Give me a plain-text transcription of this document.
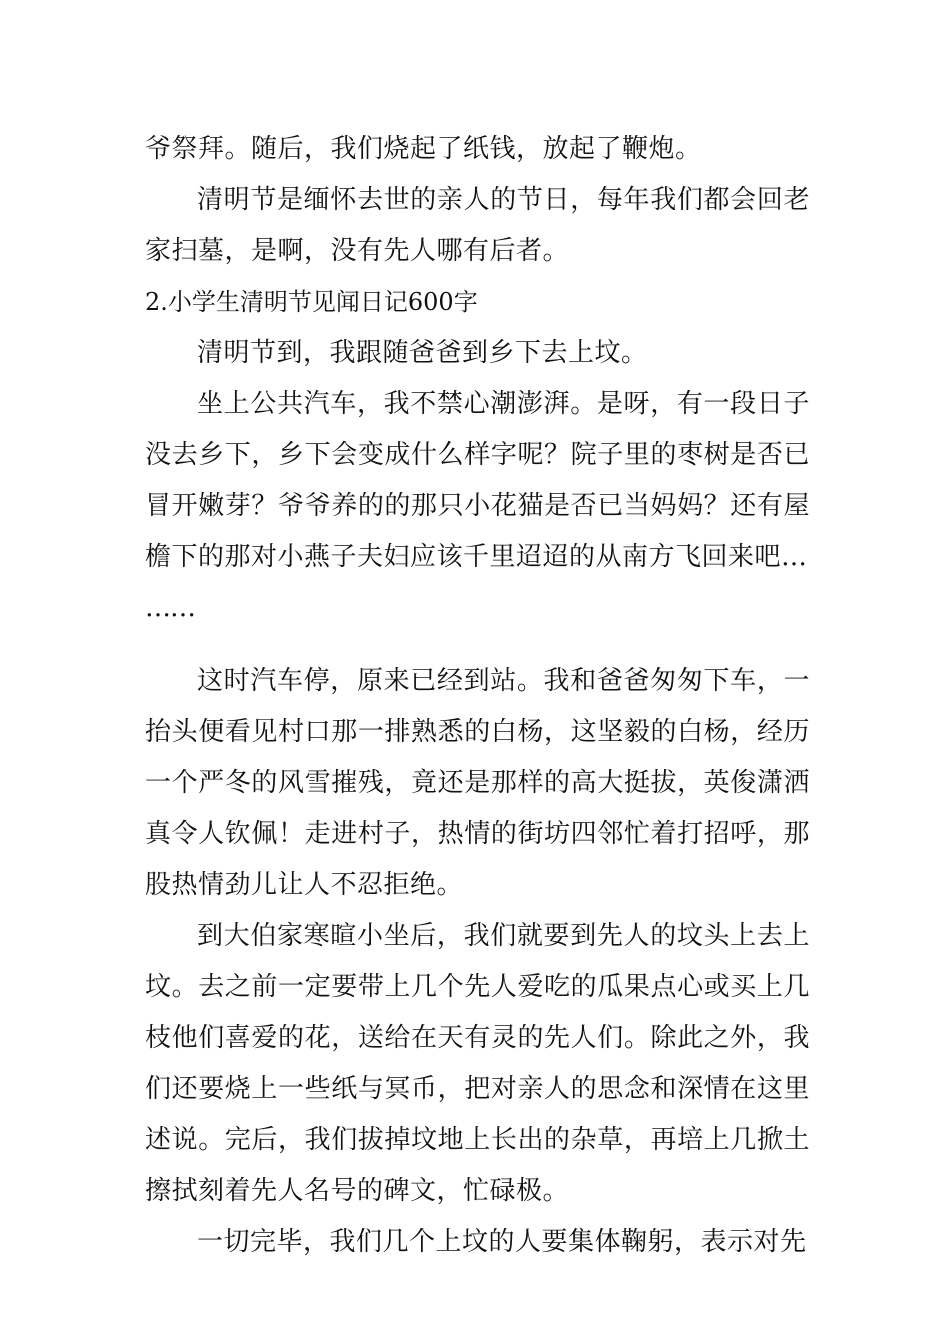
爷祭拜。随后，我们烧起了纸钱，放起了鞭炮。

清明节是缅怀去世的亲人的节日，每年我们都会回老家扫墓，是啊，没有先人哪有后者。

2.小学生清明节见闻日记600字

清明节到，我跟随爸爸到乡下去上坟。

坐上公共汽车，我不禁心潮澎湃。是呀，有一段日子没去乡下，乡下会变成什么样字呢？院子里的枣树是否已冒开嫩芽？爷爷养的的那只小花猫是否已当妈妈？还有屋檐下的那对小燕子夫妇应该千里迢迢的从南方飞回来吧…

……

这时汽车停，原来已经到站。我和爸爸匆匆下车，一抬头便看见村口那一排熟悉的白杨，这坚毅的白杨，经历一个严冬的风雪摧残，竟还是那样的高大挺拔，英俊潇洒真令人钦佩！走进村子，热情的街坊四邻忙着打招呼，那股热情劲儿让人不忍拒绝。

到大伯家寒暄小坐后，我们就要到先人的坟头上去上坟。去之前一定要带上几个先人爱吃的瓜果点心或买上几枝他们喜爱的花，送给在天有灵的先人们。除此之外，我们还要烧上一些纸与冥币，把对亲人的思念和深情在这里述说。完后，我们拔掉坟地上长出的杂草，再培上几掀土擦拭刻着先人名号的碑文，忙碌极。

一切完毕，我们几个上坟的人要集体鞠躬，表示对先
